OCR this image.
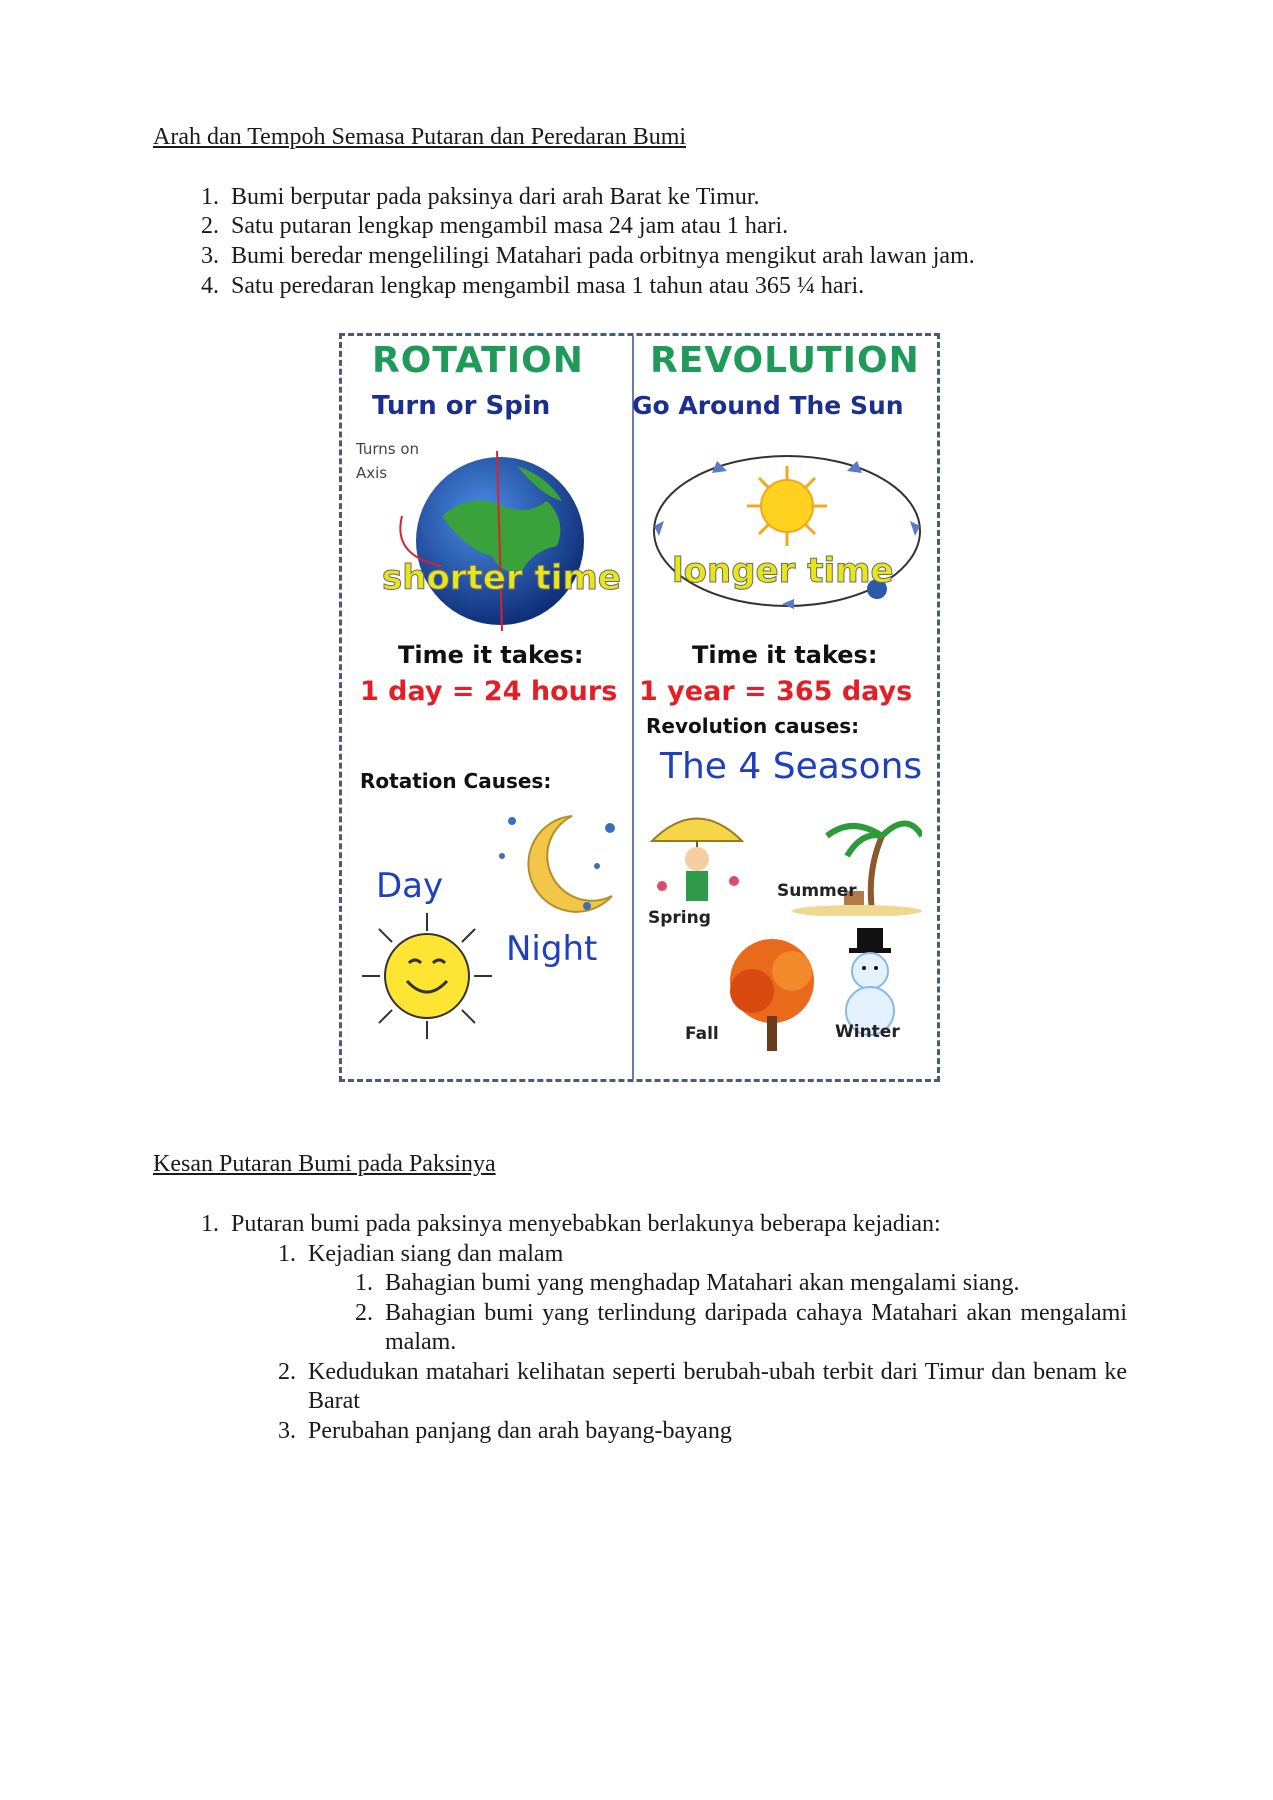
Arah dan Tempoh Semasa Putaran dan Peredaran Bumi
1. Bumi berputar pada paksinya dari arah Barat ke Timur.
2. Satu putaran lengkap mengambil masa 24 jam atau 1 hari.
3. Bumi beredar mengelilingi Matahari pada orbitnya mengikut arah lawan jam.
4. Satu peredaran lengkap mengambil masa 1 tahun atau 365 ¼ hari.
ROTATION
Turn or Spin
Turns on
Axis
shorter time
Time it takes:
1 day = 24 hours
Rotation Causes:
Day
Night
REVOLUTION
Go Around The Sun
longer time
Time it takes:
1 year = 365 days
Revolution causes:
The 4 Seasons
Spring
Summer
Fall	Winter
Kesan Putaran Bumi pada Paksinya
1. Putaran bumi pada paksinya menyebabkan berlakunya beberapa kejadian:
1. Kejadian siang dan malam
1. Bahagian bumi yang menghadap Matahari akan mengalami siang.
2. Bahagian bumi yang terlindung daripada cahaya Matahari akan mengalami malam.
2. Kedudukan matahari kelihatan seperti berubah-ubah terbit dari Timur dan benam ke Barat
3. Perubahan panjang dan arah bayang-bayang
